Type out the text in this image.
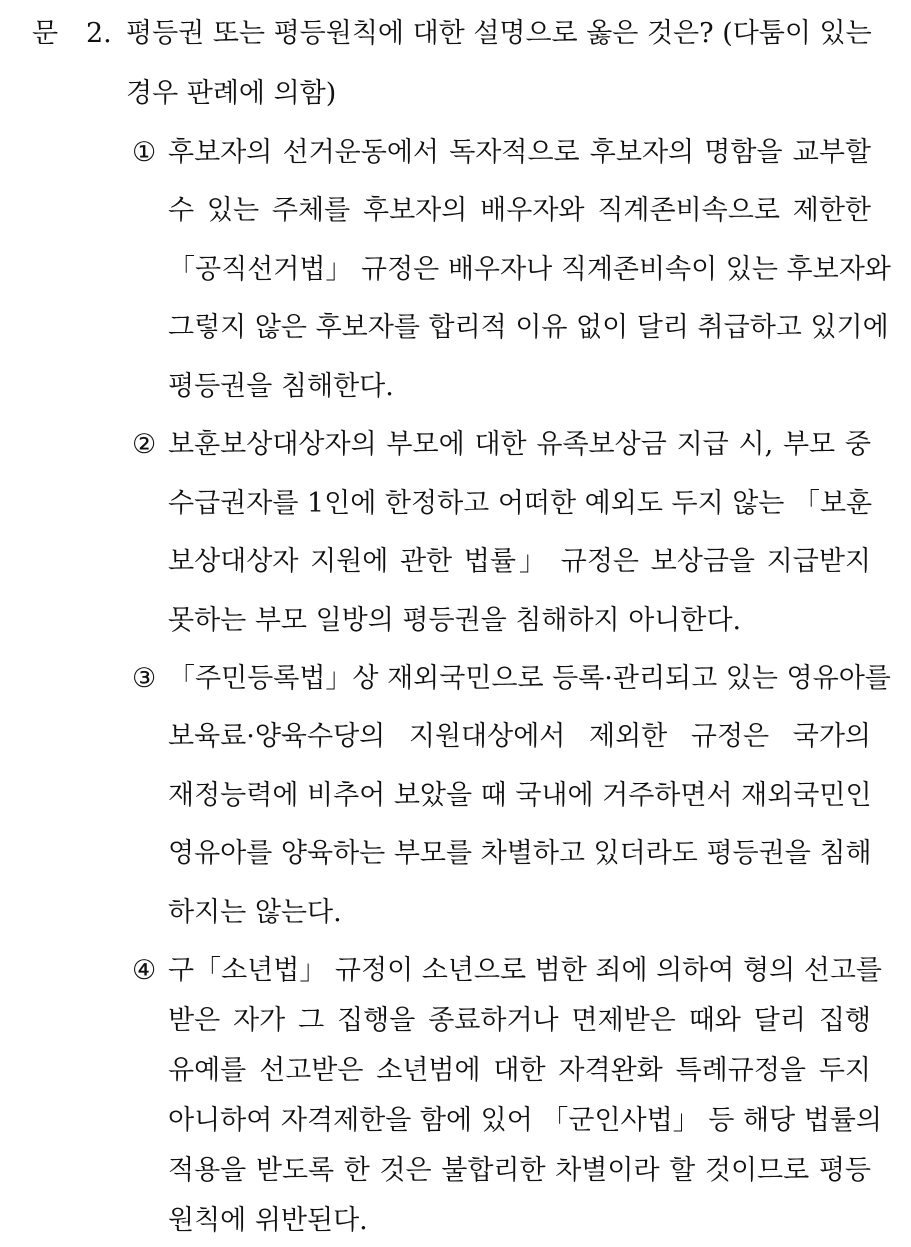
문 2. 평등권 또는 평등원칙에 대한 설명으로 옳은 것은? (다툼이 있는
경우 판례에 의함)
① 후보자의 선거운동에서 독자적으로 후보자의 명함을 교부할
수 있는 주체를 후보자의 배우자와 직계존비속으로 제한한
「공직선거법」 규정은 배우자나 직계존비속이 있는 후보자와
그렇지 않은 후보자를 합리적 이유 없이 달리 취급하고 있기에
평등권을 침해한다.
② 보훈보상대상자의 부모에 대한 유족보상금 지급 시, 부모 중
수급권자를 1인에 한정하고 어떠한 예외도 두지 않는 「보훈
보상대상자 지원에 관한 법률」 규정은 보상금을 지급받지
못하는 부모 일방의 평등권을 침해하지 아니한다.
③ 「주민등록법」상 재외국민으로 등록·관리되고 있는 영유아를
보육료·양육수당의 지원대상에서 제외한 규정은 국가의
재정능력에 비추어 보았을 때 국내에 거주하면서 재외국민인
영유아를 양육하는 부모를 차별하고 있더라도 평등권을 침해
하지는 않는다.
④ 구「소년법」 규정이 소년으로 범한 죄에 의하여 형의 선고를
받은 자가 그 집행을 종료하거나 면제받은 때와 달리 집행
유예를 선고받은 소년범에 대한 자격완화 특례규정을 두지
아니하여 자격제한을 함에 있어 「군인사법」 등 해당 법률의
적용을 받도록 한 것은 불합리한 차별이라 할 것이므로 평등
원칙에 위반된다.
